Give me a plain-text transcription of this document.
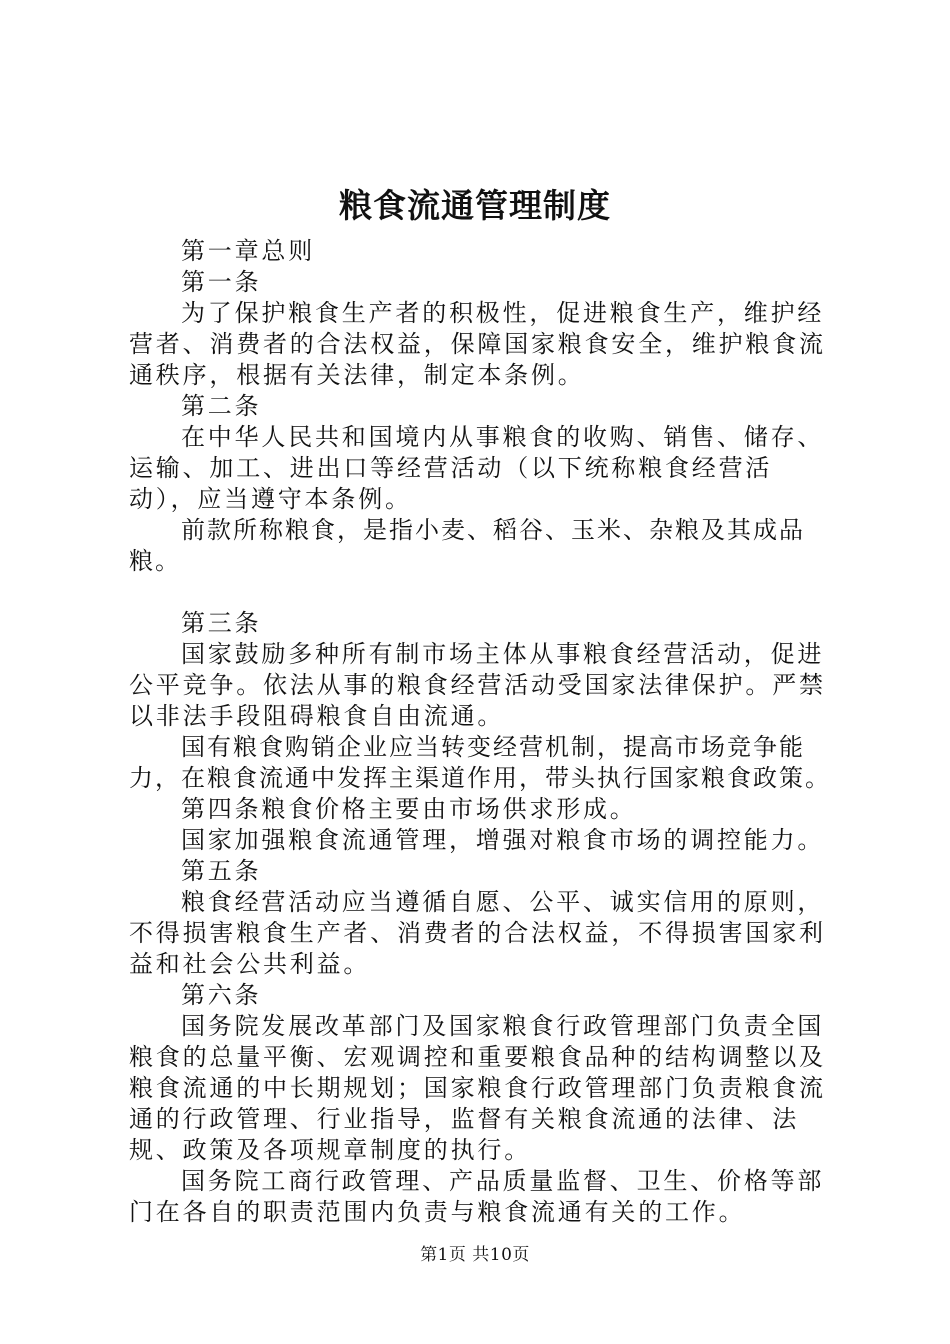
粮食流通管理制度

第一章总则

第一条

为了保护粮食生产者的积极性，促进粮食生产，维护经营者、消费者的合法权益，保障国家粮食安全，维护粮食流通秩序，根据有关法律，制定本条例。

第二条

在中华人民共和国境内从事粮食的收购、销售、储存、运输、加工、进出口等经营活动（以下统称粮食经营活动），应当遵守本条例。

前款所称粮食，是指小麦、稻谷、玉米、杂粮及其成品粮。

第三条

国家鼓励多种所有制市场主体从事粮食经营活动，促进公平竞争。依法从事的粮食经营活动受国家法律保护。严禁以非法手段阻碍粮食自由流通。

国有粮食购销企业应当转变经营机制，提高市场竞争能力，在粮食流通中发挥主渠道作用，带头执行国家粮食政策。

第四条粮食价格主要由市场供求形成。

国家加强粮食流通管理，增强对粮食市场的调控能力。

第五条

粮食经营活动应当遵循自愿、公平、诚实信用的原则，不得损害粮食生产者、消费者的合法权益，不得损害国家利益和社会公共利益。

第六条

国务院发展改革部门及国家粮食行政管理部门负责全国粮食的总量平衡、宏观调控和重要粮食品种的结构调整以及粮食流通的中长期规划；国家粮食行政管理部门负责粮食流通的行政管理、行业指导，监督有关粮食流通的法律、法规、政策及各项规章制度的执行。

国务院工商行政管理、产品质量监督、卫生、价格等部门在各自的职责范围内负责与粮食流通有关的工作。

第1页 共10页
